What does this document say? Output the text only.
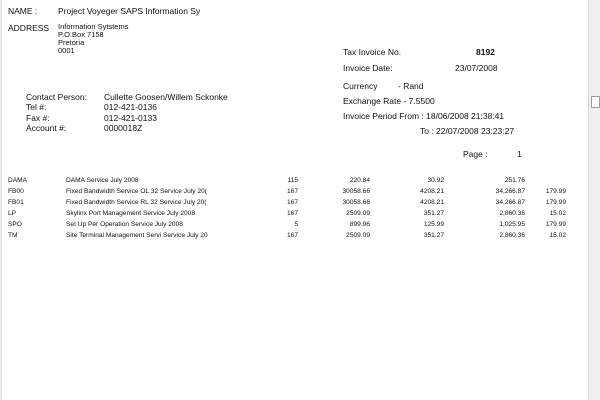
NAME : Project Voyeger SAPS Information Sy
ADDRESS Information Sytstems
P.O.Box 7158
Pretoria
0001	Tax Invoice No.	8192
Invoice Date:	23/07/2008
Currency - Rand
Exchange Rate - 7.5500
Invoice Period From : 18/06/2008 21:38:41
To : 22/07/2008 23:23:27
Page :	1
Contact Person: Cullette Goosen/Willem Sckonke
Tel #:	012-421-0136
Fax #:	012-421-0133
Account #:	0000018Z
DAMA	DAMA Service July 2008	115	220.84	30.92	251.76
FB00	Fixed Bandwidth Service OL 32 Service July 20(	167	30058.66	4208.21	34,266.87	179.99
FB01	Fixed Bandwidth Service RL 32 Service July 20(	167	30058.66	4208.21	34,266.87	179.99
LP	Skylinx Port Management Service July 2008	167	2509.09	351.27	2,860.36	15.02
SPO	Set Up Per Operation Service July 2008	5	899.96	125.99	1,025.95	179.99
TM	Site Terminal Management Servi Service July 20	167	2509.09	351.27	2,860.36	15.02
